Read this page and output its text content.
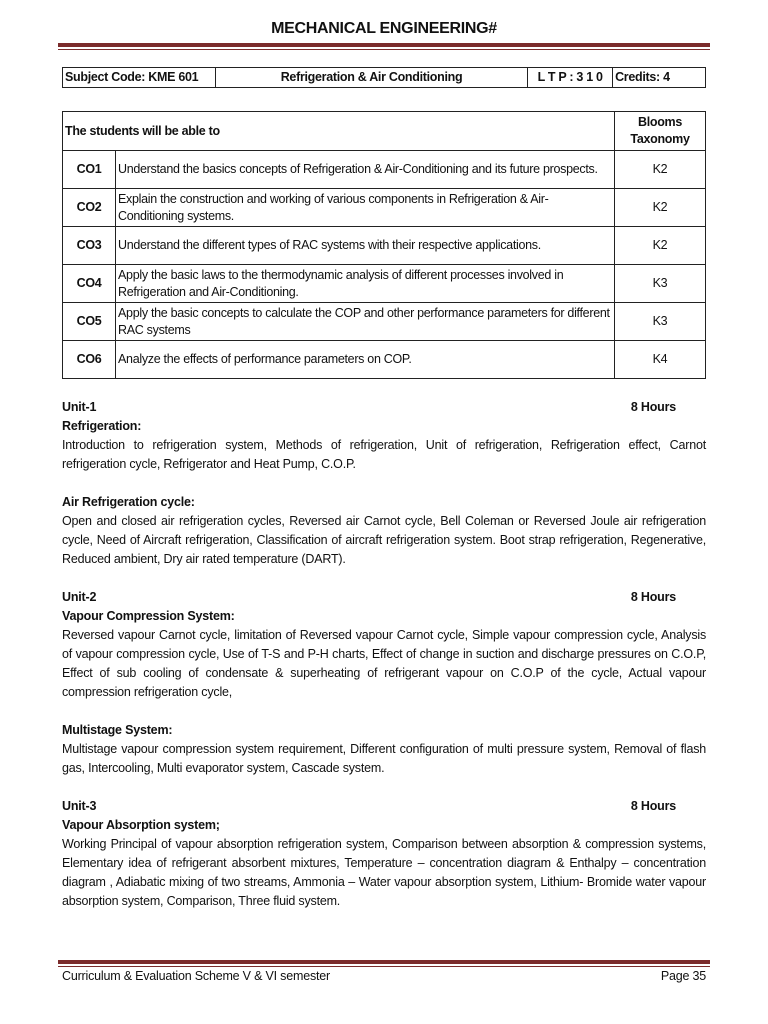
MECHANICAL ENGINEERING#
Subject Code: KME 601	Refrigeration & Air Conditioning	L T P : 3 1 0	Credits: 4
The students will be able to		Blooms Taxonomy
CO1	Understand the basics concepts of Refrigeration & Air-Conditioning and its future prospects.	K2
CO2	Explain the construction and working of various components in Refrigeration & Air-Conditioning systems.	K2
CO3	Understand the different types of RAC systems with their respective applications.	K2
CO4	Apply the basic laws to the thermodynamic analysis of different processes involved in Refrigeration and Air-Conditioning.	K3
CO5	Apply the basic concepts to calculate the COP and other performance parameters for different RAC systems	K3
CO6	Analyze the effects of performance parameters on COP.	K4
Unit-1	8 Hours
Refrigeration:

Introduction to refrigeration system, Methods of refrigeration, Unit of refrigeration, Refrigeration effect, Carnot refrigeration cycle, Refrigerator and Heat Pump, C.O.P.

Air Refrigeration cycle:

Open and closed air refrigeration cycles, Reversed air Carnot cycle, Bell Coleman or Reversed Joule air refrigeration cycle, Need of Aircraft refrigeration, Classification of aircraft refrigeration system. Boot strap refrigeration, Regenerative, Reduced ambient, Dry air rated temperature (DART).

Unit-2	8 Hours
Vapour Compression System:

Reversed vapour Carnot cycle, limitation of Reversed vapour Carnot cycle, Simple vapour compression cycle, Analysis of vapour compression cycle, Use of T-S and P-H charts, Effect of change in suction and discharge pressures on C.O.P, Effect of sub cooling of condensate & superheating of refrigerant vapour on C.O.P of the cycle, Actual vapour compression refrigeration cycle,

Multistage System:

Multistage vapour compression system requirement, Different configuration of multi pressure system, Removal of flash gas, Intercooling, Multi evaporator system, Cascade system.

Unit-3	8 Hours
Vapour Absorption system;

Working Principal of vapour absorption refrigeration system, Comparison between absorption & compression systems, Elementary idea of refrigerant absorbent mixtures, Temperature – concentration diagram & Enthalpy – concentration diagram , Adiabatic mixing of two streams, Ammonia – Water vapour absorption system, Lithium- Bromide water vapour absorption system, Comparison, Three fluid system.

Curriculum & Evaluation Scheme V & VI semester	Page 35
